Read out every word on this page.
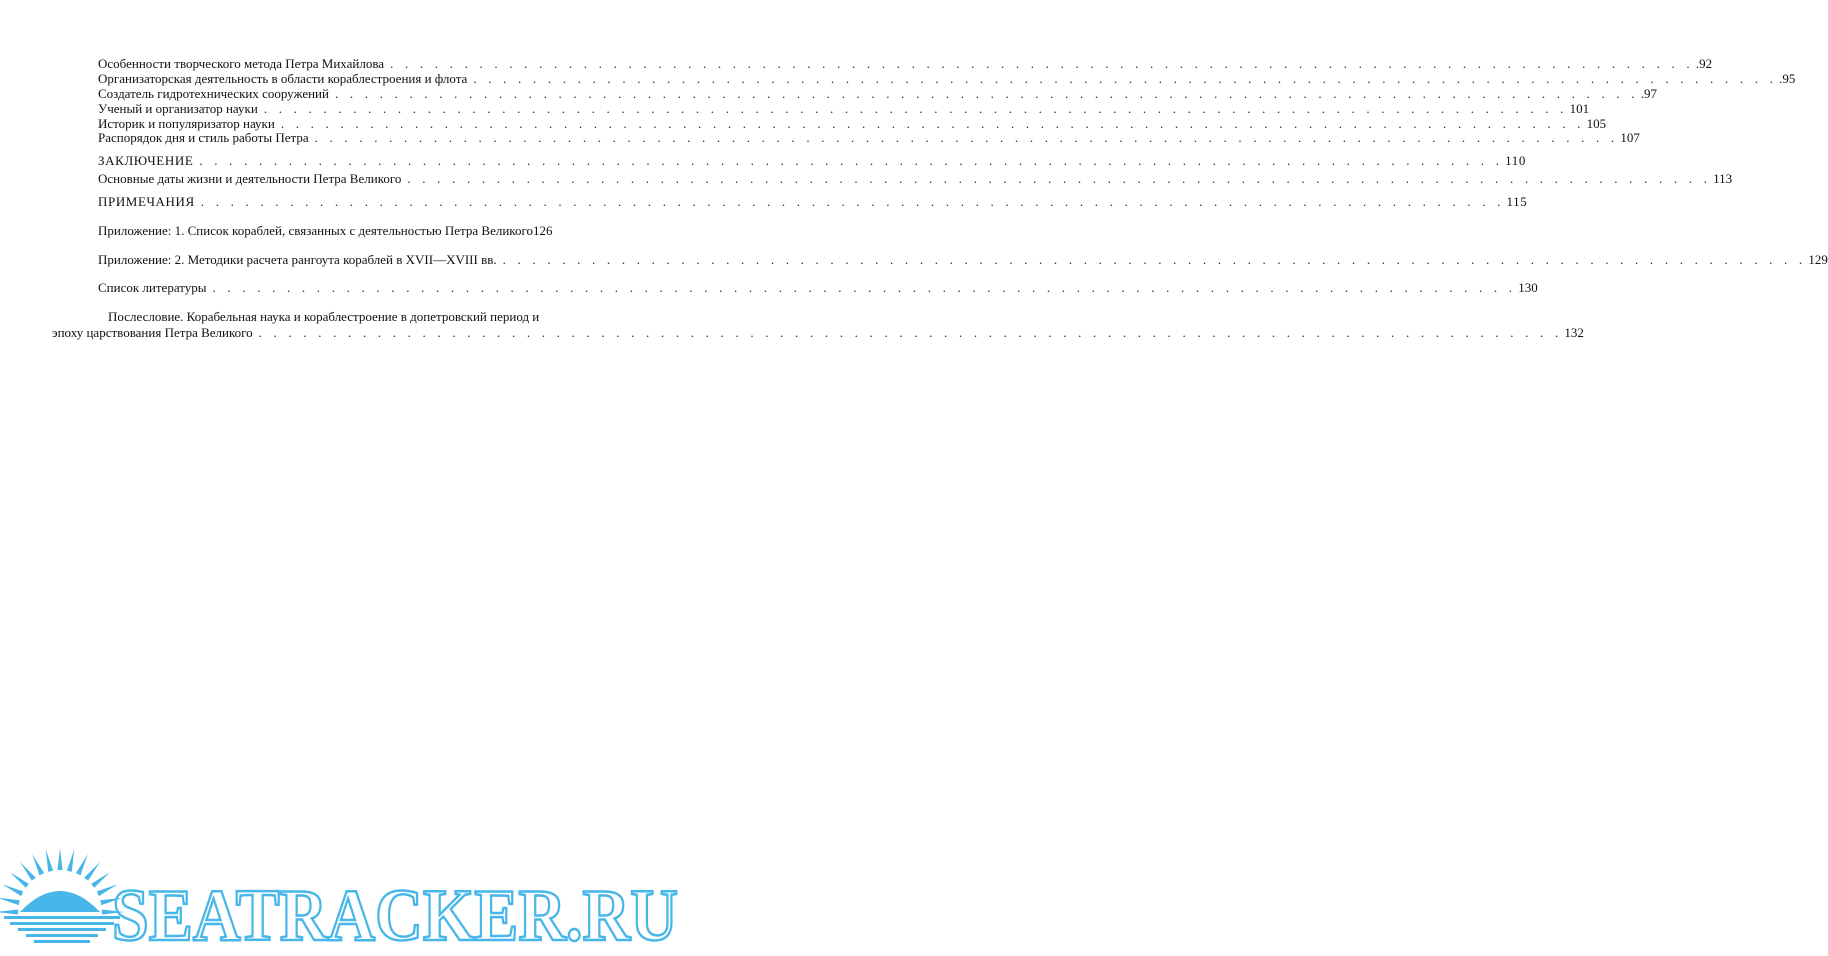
Особенности творческого метода Петра Михайлова . . .	.92
Организаторская деятельность в области кораблестроения и флота . . .	.95
Создатель гидротехнических сооружений . . .	.97
Ученый и организатор науки . . .	101
Историк и популяризатор науки . . .	105
Распорядок дня и стиль работы Петра . . .	107
ЗАКЛЮЧЕНИЕ . . .	110
Основные даты жизни и деятельности Петра Великого . . .	113
ПРИМЕЧАНИЯ . . .	115
Приложение: 1. Список кораблей, связанных с деятельностью Петра Великого 126
Приложение: 2. Методики расчета рангоута кораблей в XVII—XVIII вв. . . .	129
Список литературы . . .	130
Послесловие. Корабельная наука и кораблестроение в допетровский период и
эпоху царствования Петра Великого . . .	132
SEATRACKER.RU
